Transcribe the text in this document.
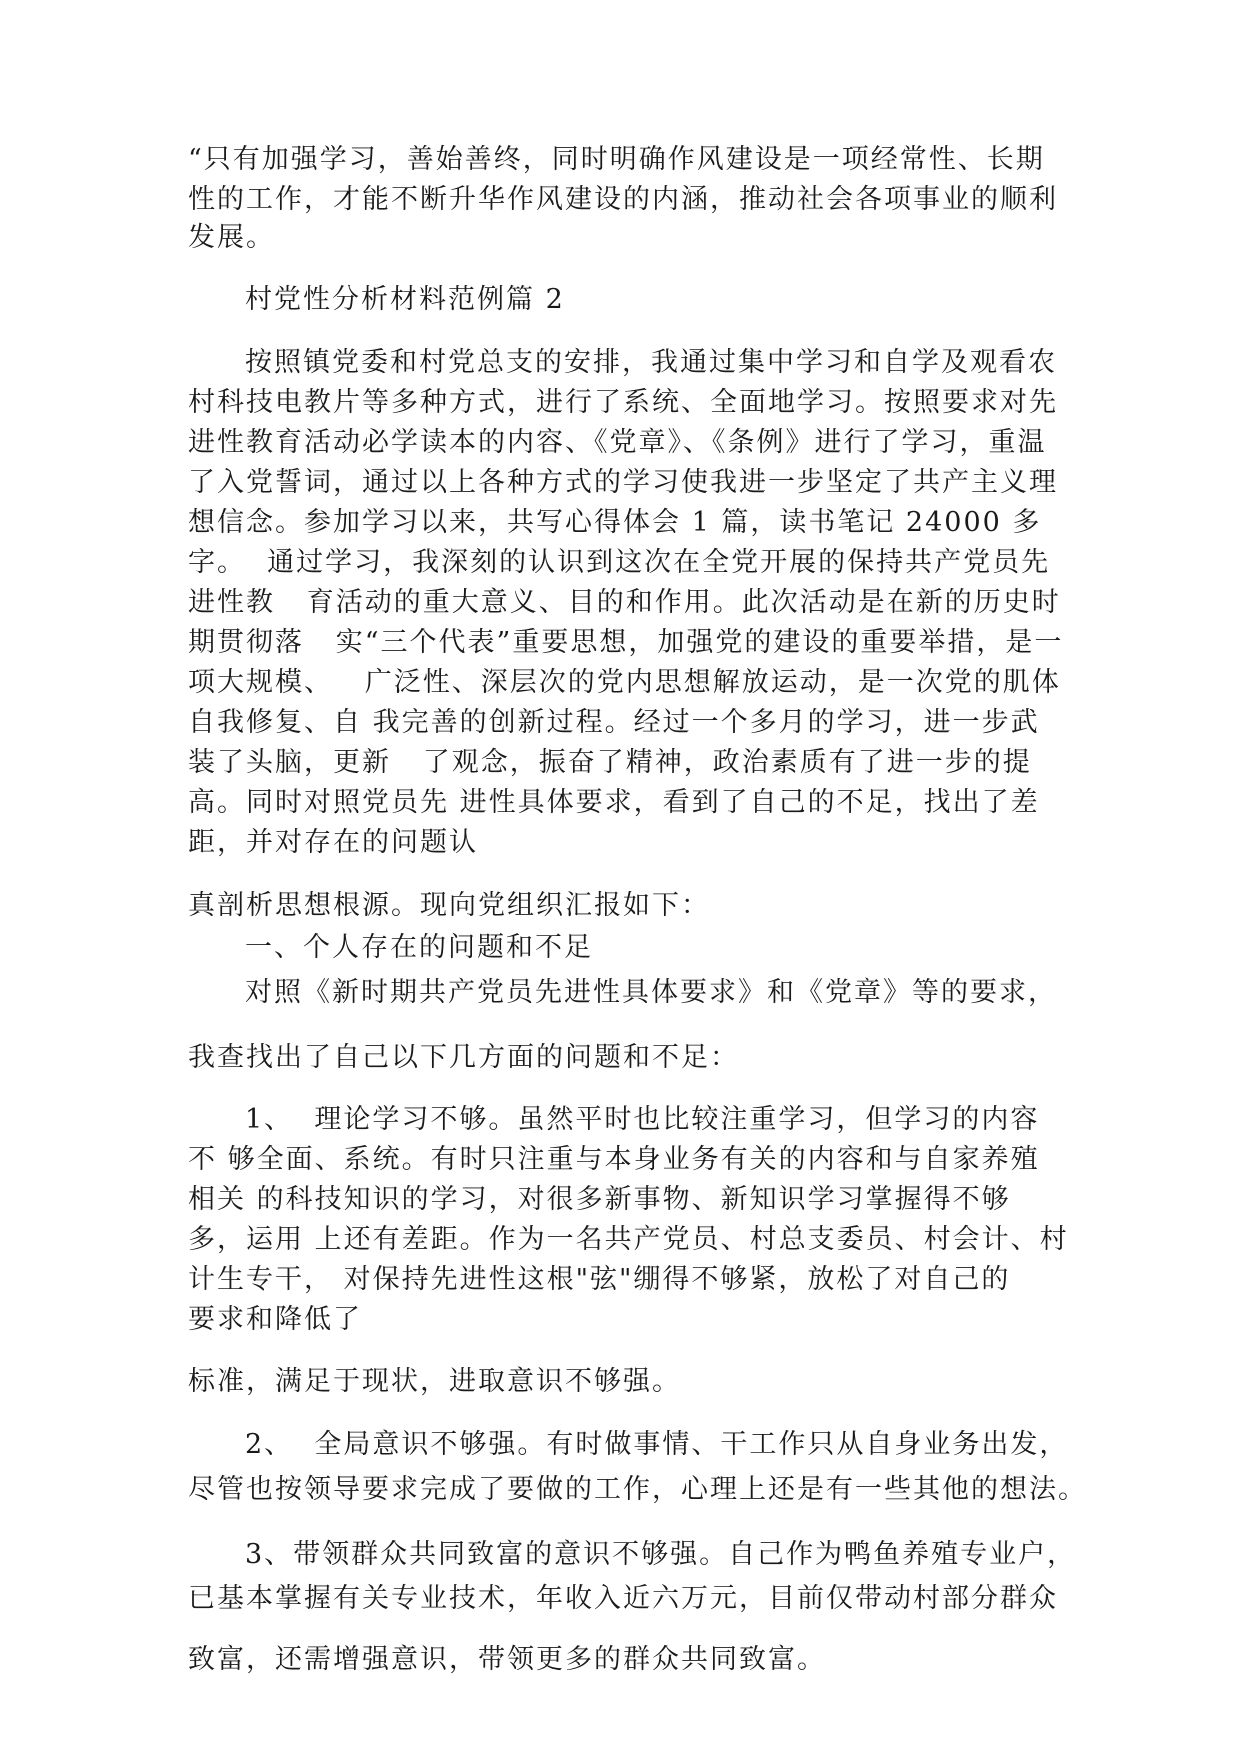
“只有加强学习，善始善终，同时明确作风建设是一项经常性、长期
性的工作，才能不断升华作风建设的内涵，推动社会各项事业的顺利
发展。
村党性分析材料范例篇 2
按照镇党委和村党总支的安排，我通过集中学习和自学及观看农
村科技电教片等多种方式，进行了系统、全面地学习。按照要求对先
进性教育活动必学读本的内容、《党章》、《条例》进行了学习，重温
了入党誓词，通过以上各种方式的学习使我进一步坚定了共产主义理
想信念。参加学习以来，共写心得体会 1 篇，读书笔记 24000 多
字。  通过学习，我深刻的认识到这次在全党开展的保持共产党员先
进性教   育活动的重大意义、目的和作用。此次活动是在新的历史时
期贯彻落   实“三个代表”重要思想，加强党的建设的重要举措，是一
项大规模、   广泛性、深层次的党内思想解放运动，是一次党的肌体
自我修复、自 我完善的创新过程。经过一个多月的学习，进一步武
装了头脑，更新   了观念，振奋了精神，政治素质有了进一步的提
高。同时对照党员先 进性具体要求，看到了自己的不足，找出了差
距，并对存在的问题认
真剖析思想根源。现向党组织汇报如下：
一、个人存在的问题和不足
对照《新时期共产党员先进性具体要求》和《党章》等的要求，
我查找出了自己以下几方面的问题和不足：
1、  理论学习不够。虽然平时也比较注重学习，但学习的内容
不 够全面、系统。有时只注重与本身业务有关的内容和与自家养殖
相关 的科技知识的学习，对很多新事物、新知识学习掌握得不够
多，运用 上还有差距。作为一名共产党员、村总支委员、村会计、村
计生专干， 对保持先进性这根"弦"绷得不够紧，放松了对自己的
要求和降低了
标准，满足于现状，进取意识不够强。
2、  全局意识不够强。有时做事情、干工作只从自身业务出发，
尽管也按领导要求完成了要做的工作，心理上还是有一些其他的想法。
3、带领群众共同致富的意识不够强。自己作为鸭鱼养殖专业户，
已基本掌握有关专业技术，年收入近六万元，目前仅带动村部分群众
致富，还需增强意识，带领更多的群众共同致富。
